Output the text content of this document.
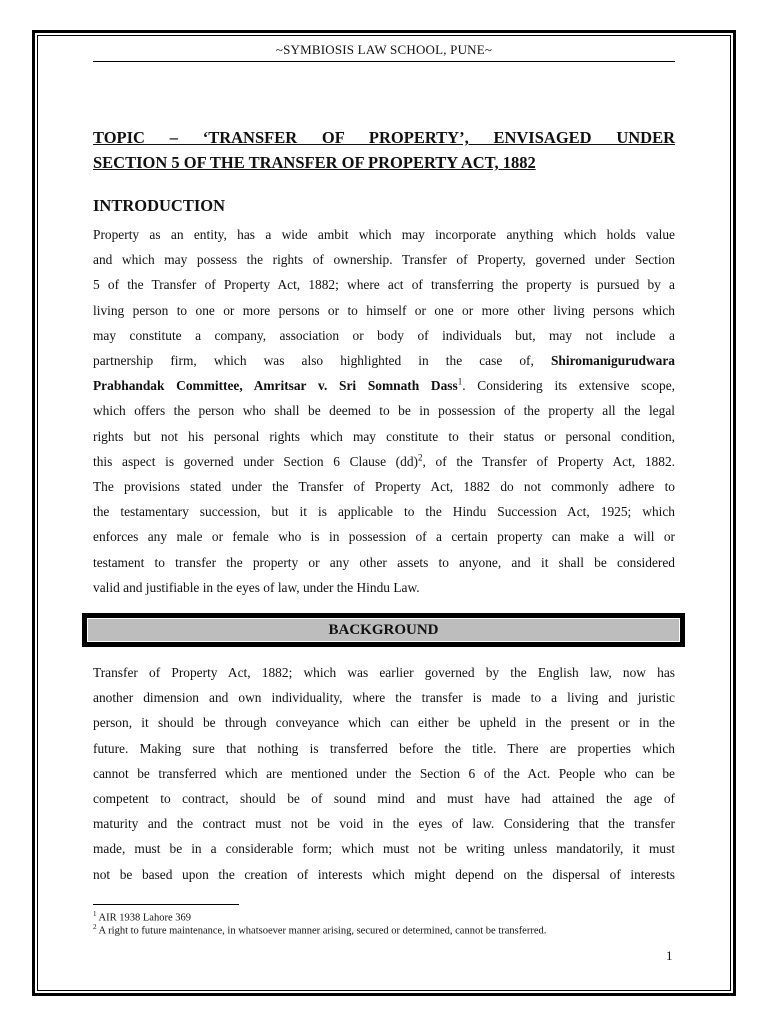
~SYMBIOSIS LAW SCHOOL, PUNE~
TOPIC – ‘TRANSFER OF PROPERTY’, ENVISAGED UNDER
SECTION 5 OF THE TRANSFER OF PROPERTY ACT, 1882
INTRODUCTION
Property as an entity, has a wide ambit which may incorporate anything which holds value
and which may possess the rights of ownership. Transfer of Property, governed under Section
5 of the Transfer of Property Act, 1882; where act of transferring the property is pursued by a
living person to one or more persons or to himself or one or more other living persons which
may constitute a company, association or body of individuals but, may not include a
partnership firm, which was also highlighted in the case of, Shiromanigurudwara
Prabhandak Committee, Amritsar v. Sri Somnath Dass$^1$. Considering its extensive scope,
which offers the person who shall be deemed to be in possession of the property all the legal
rights but not his personal rights which may constitute to their status or personal condition,
this aspect is governed under Section 6 Clause (dd)$^2$, of the Transfer of Property Act, 1882.
The provisions stated under the Transfer of Property Act, 1882 do not commonly adhere to
the testamentary succession, but it is applicable to the Hindu Succession Act, 1925; which
enforces any male or female who is in possession of a certain property can make a will or
testament to transfer the property or any other assets to anyone, and it shall be considered
valid and justifiable in the eyes of law, under the Hindu Law.
BACKGROUND
Transfer of Property Act, 1882; which was earlier governed by the English law, now has
another dimension and own individuality, where the transfer is made to a living and juristic
person, it should be through conveyance which can either be upheld in the present or in the
future. Making sure that nothing is transferred before the title. There are properties which
cannot be transferred which are mentioned under the Section 6 of the Act. People who can be
competent to contract, should be of sound mind and must have had attained the age of
maturity and the contract must not be void in the eyes of law. Considering that the transfer
made, must be in a considerable form; which must not be writing unless mandatorily, it must
not be based upon the creation of interests which might depend on the dispersal of interests
$^1$ AIR 1938 Lahore 369
$^2$ A right to future maintenance, in whatsoever manner arising, secured or determined, cannot be transferred.
1
